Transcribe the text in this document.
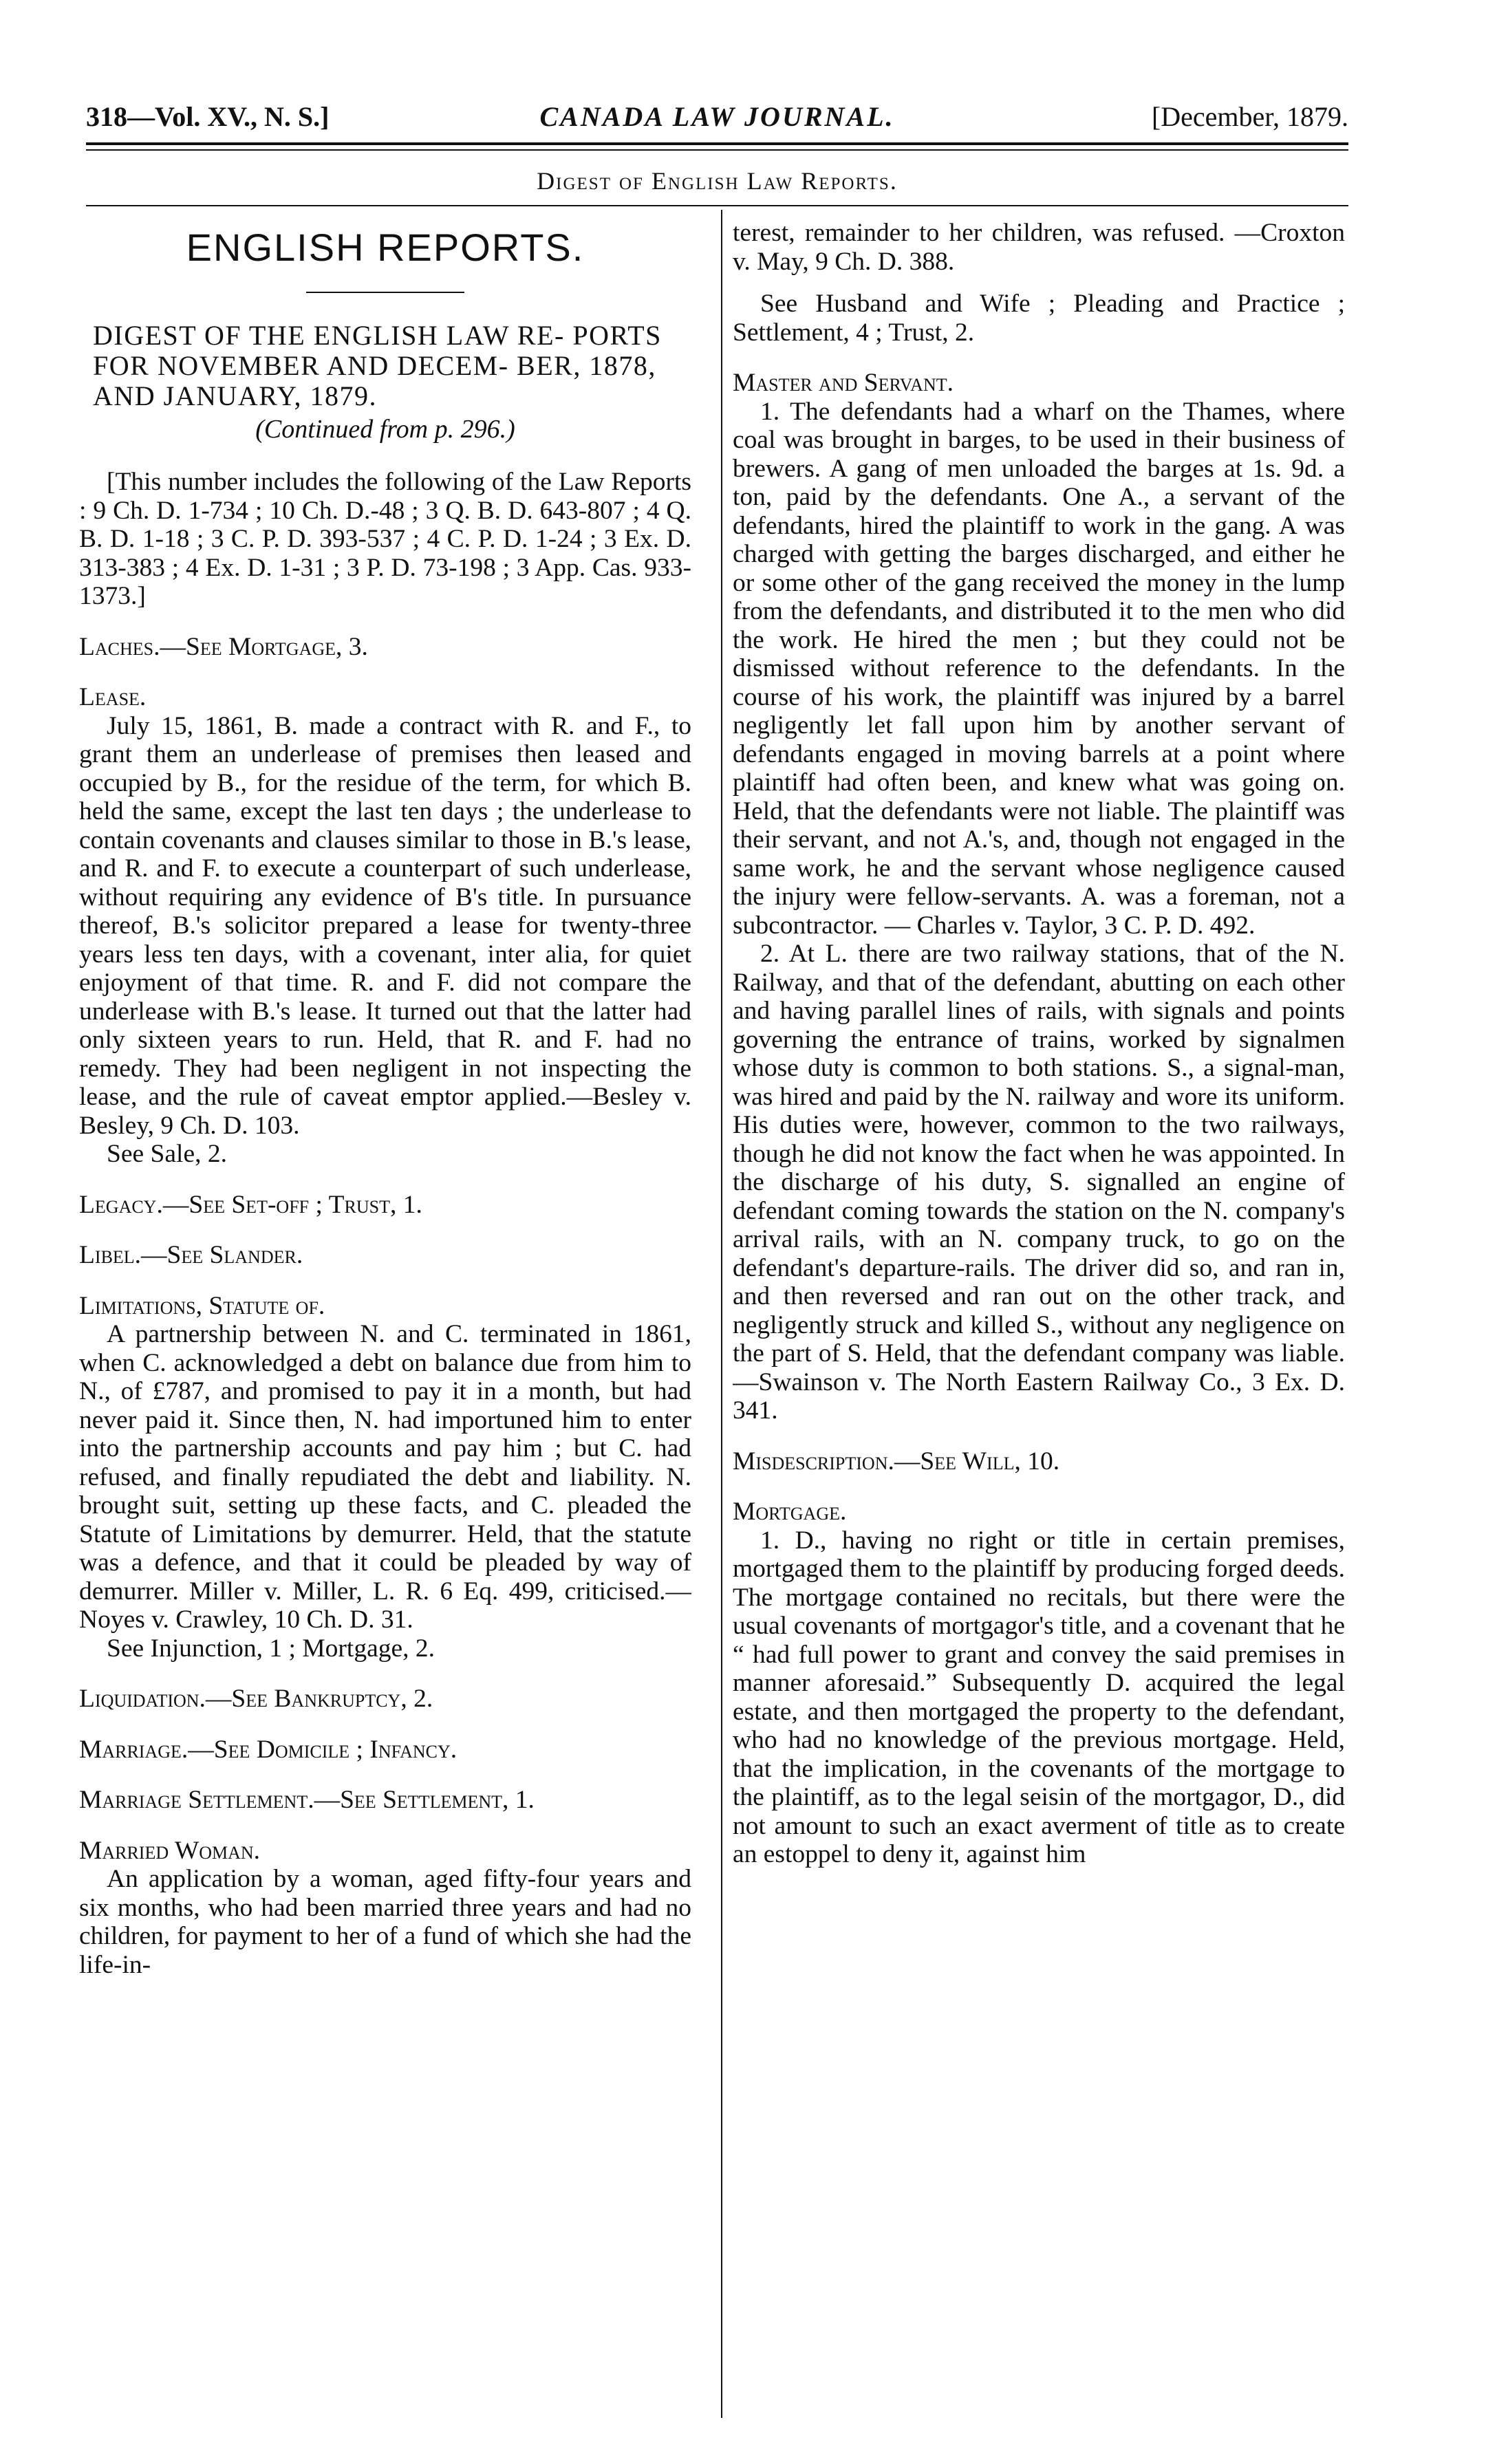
318—Vol. XV., N. S.]	CANADA LAW JOURNAL.	[December, 1879.
Digest of English Law Reports.

ENGLISH REPORTS.

DIGEST OF THE ENGLISH LAW RE- PORTS FOR NOVEMBER AND DECEM- BER, 1878, AND JANUARY, 1879.

(Continued from p. 296.)

[This number includes the following of the Law Reports : 9 Ch. D. 1-734 ; 10 Ch. D.-48 ; 3 Q. B. D. 643-807 ; 4 Q. B. D. 1-18 ; 3 C. P. D. 393-537 ; 4 C. P. D. 1-24 ; 3 Ex. D. 313-383 ; 4 Ex. D. 1-31 ; 3 P. D. 73-198 ; 3 App. Cas. 933-1373.]

Laches.—See Mortgage, 3.

Lease.

July 15, 1861, B. made a contract with R. and F., to grant them an underlease of premises then leased and occupied by B., for the residue of the term, for which B. held the same, except the last ten days ; the underlease to contain covenants and clauses similar to those in B.'s lease, and R. and F. to execute a counterpart of such underlease, without requiring any evidence of B's title. In pursuance thereof, B.'s solicitor prepared a lease for twenty-three years less ten days, with a covenant, inter alia, for quiet enjoyment of that time. R. and F. did not compare the underlease with B.'s lease. It turned out that the latter had only sixteen years to run. Held, that R. and F. had no remedy. They had been negligent in not inspecting the lease, and the rule of caveat emptor applied.—Besley v. Besley, 9 Ch. D. 103.

See Sale, 2.

Legacy.—See Set-off ; Trust, 1.

Libel.—See Slander.

Limitations, Statute of.

A partnership between N. and C. terminated in 1861, when C. acknowledged a debt on balance due from him to N., of £787, and promised to pay it in a month, but had never paid it. Since then, N. had importuned him to enter into the partnership accounts and pay him ; but C. had refused, and finally repudiated the debt and liability. N. brought suit, setting up these facts, and C. pleaded the Statute of Limitations by demurrer. Held, that the statute was a defence, and that it could be pleaded by way of demurrer. Miller v. Miller, L. R. 6 Eq. 499, criticised.—Noyes v. Crawley, 10 Ch. D. 31.

See Injunction, 1 ; Mortgage, 2.

Liquidation.—See Bankruptcy, 2.

Marriage.—See Domicile ; Infancy.

Marriage Settlement.—See Settlement, 1.

Married Woman.

An application by a woman, aged fifty-four years and six months, who had been married three years and had no children, for payment to her of a fund of which she had the life-in-

terest, remainder to her children, was refused. —Croxton v. May, 9 Ch. D. 388.

See Husband and Wife ; Pleading and Practice ; Settlement, 4 ; Trust, 2.

Master and Servant.

1. The defendants had a wharf on the Thames, where coal was brought in barges, to be used in their business of brewers. A gang of men unloaded the barges at 1s. 9d. a ton, paid by the defendants. One A., a servant of the defendants, hired the plaintiff to work in the gang. A was charged with getting the barges discharged, and either he or some other of the gang received the money in the lump from the defendants, and distributed it to the men who did the work. He hired the men ; but they could not be dismissed without reference to the defendants. In the course of his work, the plaintiff was injured by a barrel negligently let fall upon him by another servant of defendants engaged in moving barrels at a point where plaintiff had often been, and knew what was going on. Held, that the defendants were not liable. The plaintiff was their servant, and not A.'s, and, though not engaged in the same work, he and the servant whose negligence caused the injury were fellow-servants. A. was a foreman, not a subcontractor. — Charles v. Taylor, 3 C. P. D. 492.

2. At L. there are two railway stations, that of the N. Railway, and that of the defendant, abutting on each other and having parallel lines of rails, with signals and points governing the entrance of trains, worked by signalmen whose duty is common to both stations. S., a signal-man, was hired and paid by the N. railway and wore its uniform. His duties were, however, common to the two railways, though he did not know the fact when he was appointed. In the discharge of his duty, S. signalled an engine of defendant coming towards the station on the N. company's arrival rails, with an N. company truck, to go on the defendant's departure-rails. The driver did so, and ran in, and then reversed and ran out on the other track, and negligently struck and killed S., without any negligence on the part of S. Held, that the defendant company was liable.—Swainson v. The North Eastern Railway Co., 3 Ex. D. 341.

Misdescription.—See Will, 10.

Mortgage.

1. D., having no right or title in certain premises, mortgaged them to the plaintiff by producing forged deeds. The mortgage contained no recitals, but there were the usual covenants of mortgagor's title, and a covenant that he “ had full power to grant and convey the said premises in manner aforesaid.” Subsequently D. acquired the legal estate, and then mortgaged the property to the defendant, who had no knowledge of the previous mortgage. Held, that the implication, in the covenants of the mortgage to the plaintiff, as to the legal seisin of the mortgagor, D., did not amount to such an exact averment of title as to create an estoppel to deny it, against him
